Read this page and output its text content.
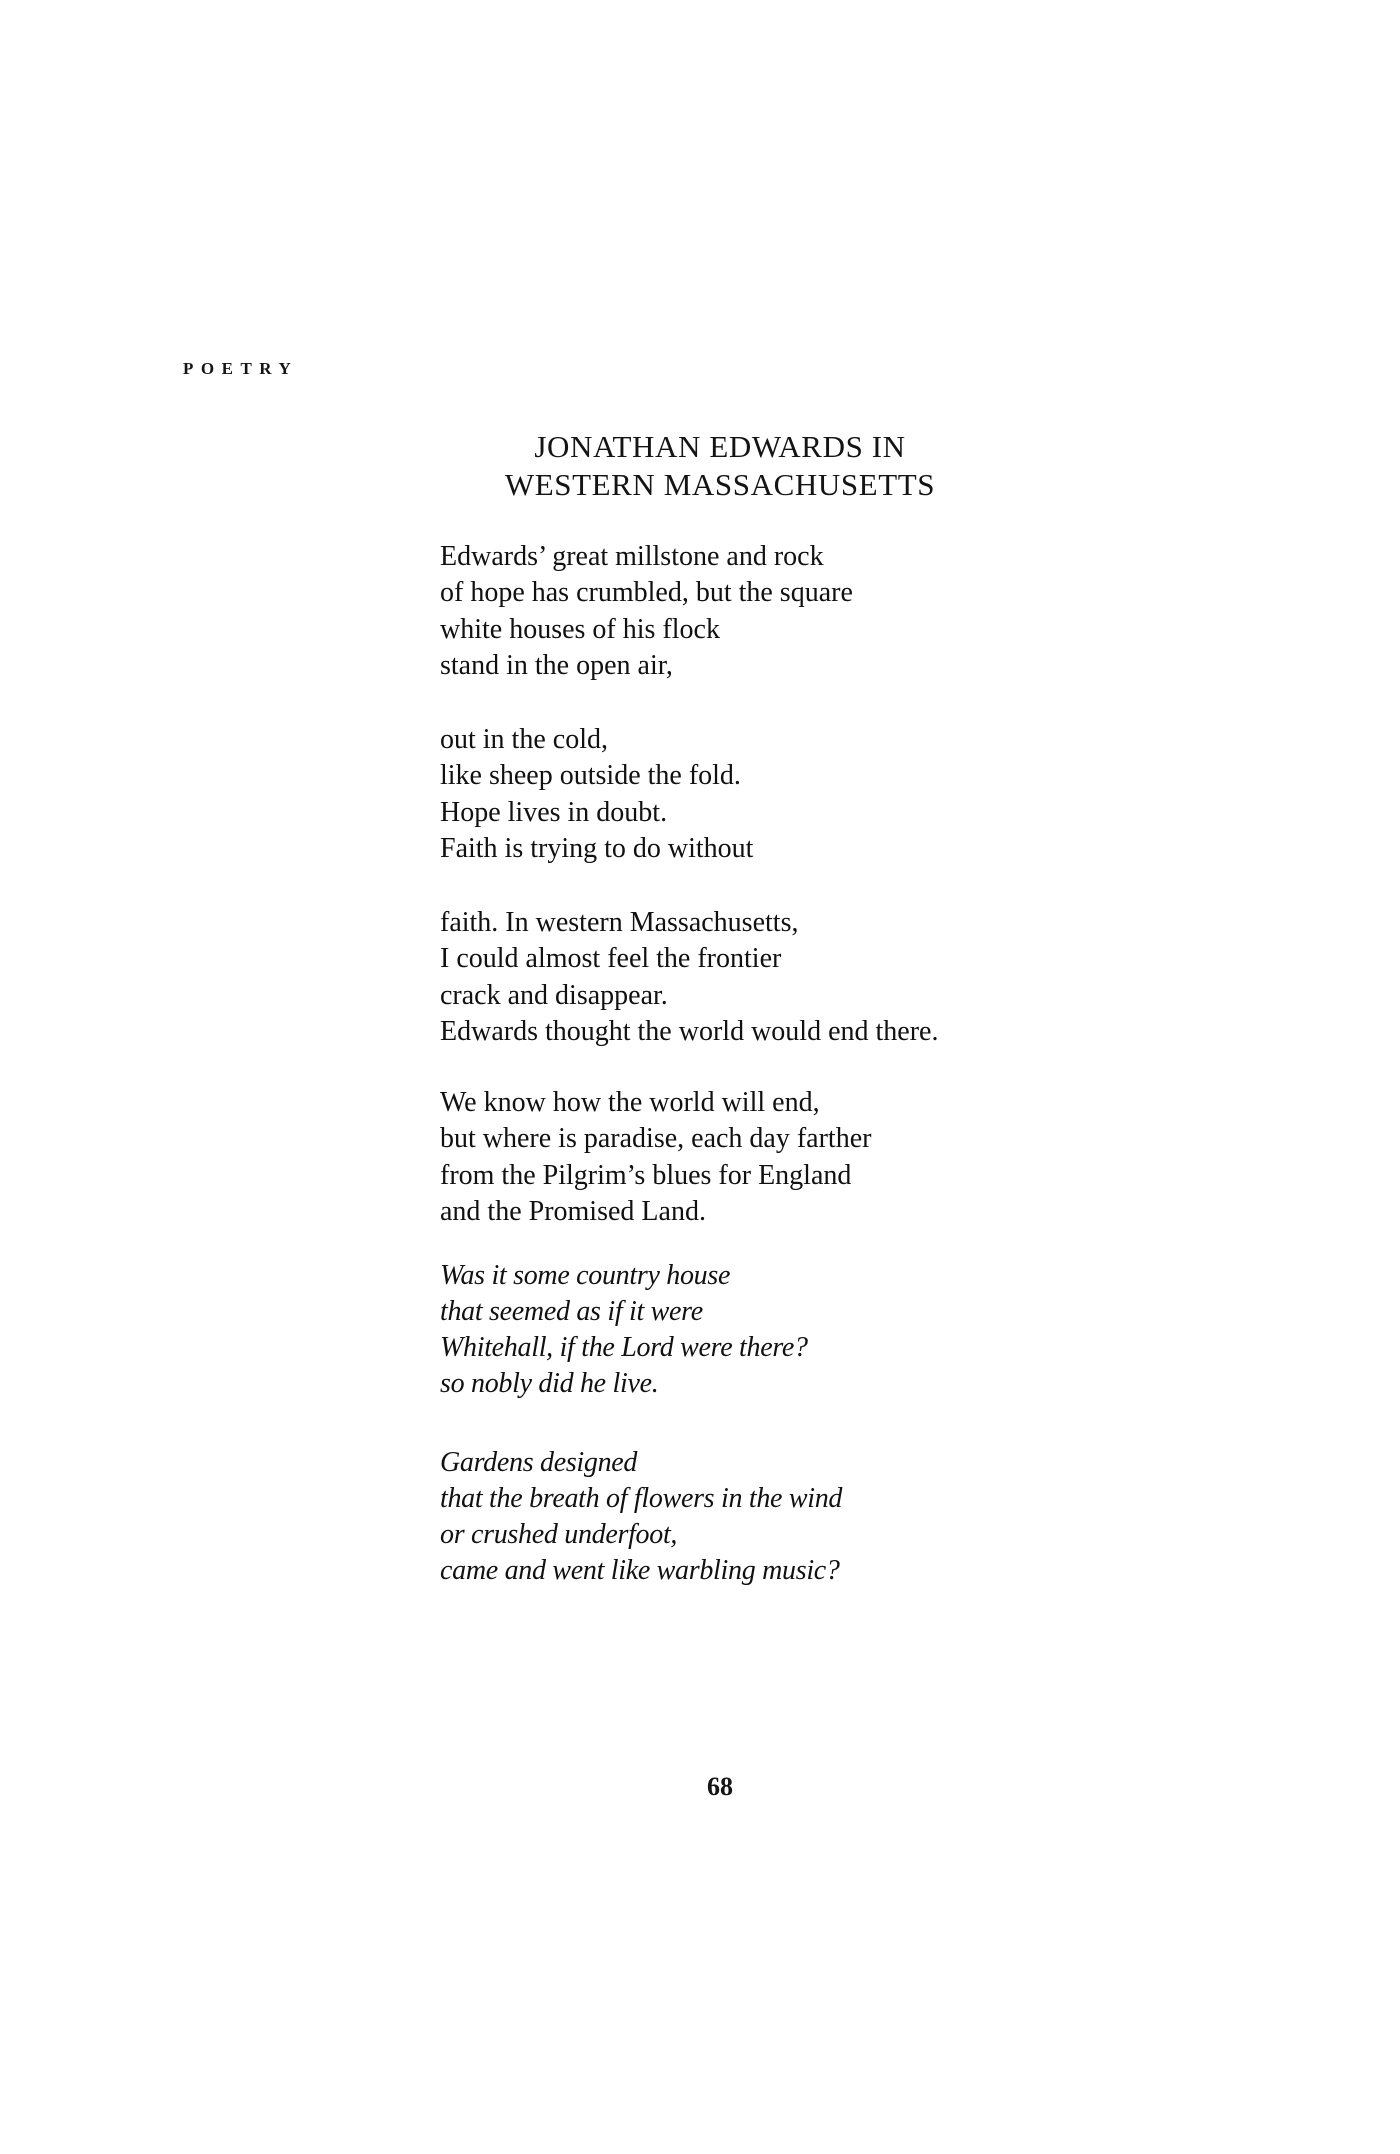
POETRY
JONATHAN EDWARDS IN
WESTERN MASSACHUSETTS
Edwards’ great millstone and rock
of hope has crumbled, but the square
white houses of his flock
stand in the open air,
out in the cold,
like sheep outside the fold.
Hope lives in doubt.
Faith is trying to do without
faith. In western Massachusetts,
I could almost feel the frontier
crack and disappear.
Edwards thought the world would end there.
We know how the world will end,
but where is paradise, each day farther
from the Pilgrim’s blues for England
and the Promised Land.
Was it some country house
that seemed as if it were
Whitehall, if the Lord were there?
so nobly did he live.
Gardens designed
that the breath of flowers in the wind
or crushed underfoot,
came and went like warbling music?
68
